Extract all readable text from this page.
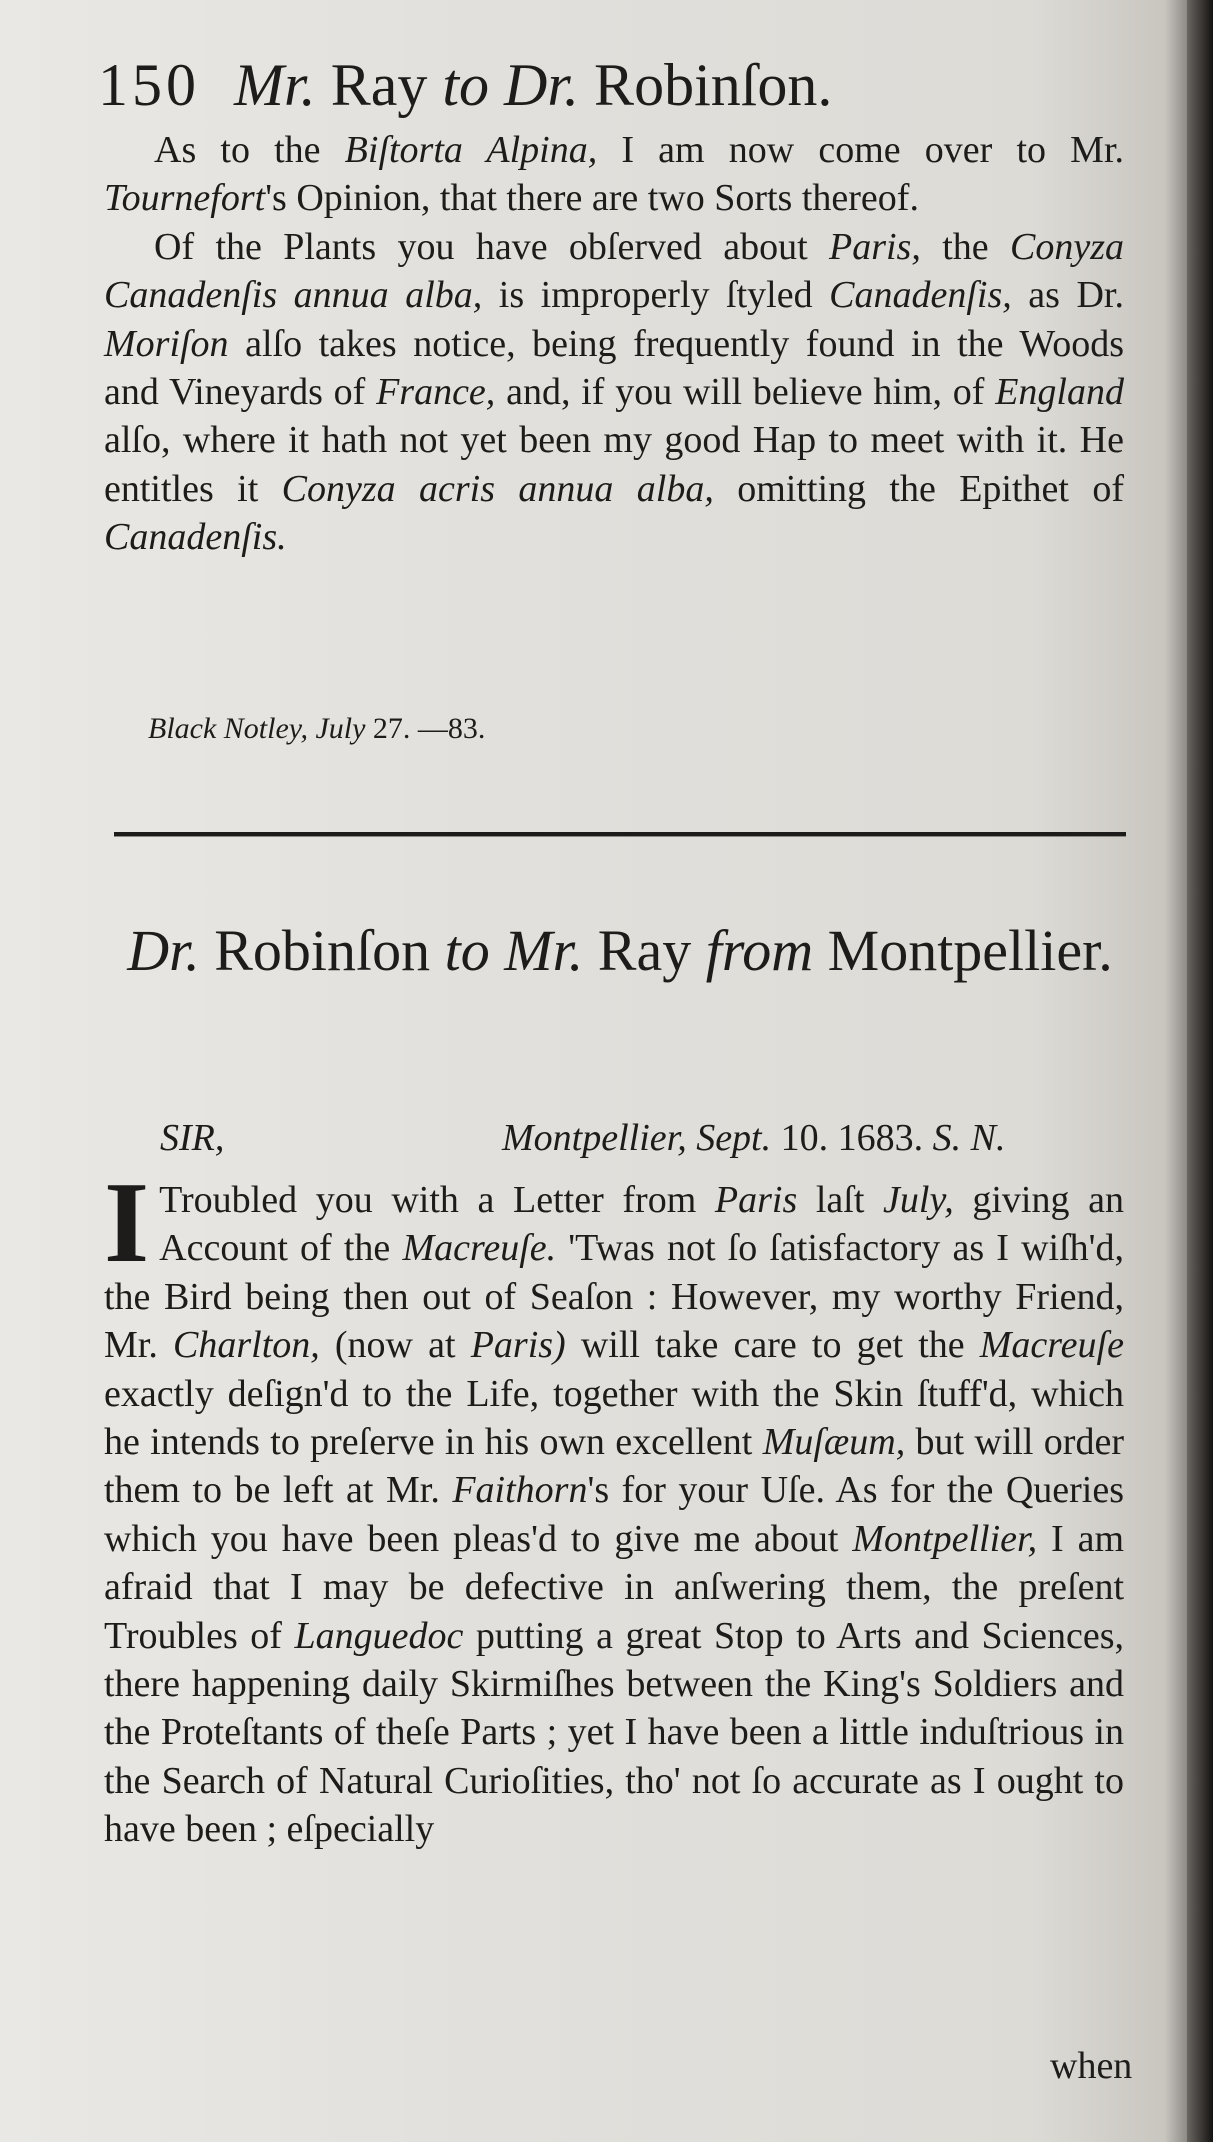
150 Mr. Ray to Dr. Robinſon.

As to the Biſtorta Alpina, I am now come over to Mr. Tournefort's Opinion, that there are two Sorts thereof.

Of the Plants you have obſerved about Paris, the Conyza Canadenſis annua alba, is improperly ſtyled Canadenſis, as Dr. Moriſon alſo takes notice, being frequently found in the Woods and Vineyards of France, and, if you will believe him, of England alſo, where it hath not yet been my good Hap to meet with it. He entitles it Conyza acris annua alba, omitting the Epithet of Canadenſis.

Black Notley, July 27. —83.
Dr. Robinſon to Mr. Ray from Montpellier.
SIR,	Montpellier, Sept. 10. 1683. S. N.

I Troubled you with a Letter from Paris laſt July, giving an Account of the Macreuſe. 'Twas not ſo ſatisfactory as I wiſh'd, the Bird being then out of Seaſon : However, my worthy Friend, Mr. Charlton, (now at Paris) will take care to get the Macreuſe exactly deſign'd to the Life, together with the Skin ſtuff'd, which he intends to preſerve in his own excellent Muſæum, but will order them to be left at Mr. Faithorn's for your Uſe. As for the Queries which you have been pleas'd to give me about Montpellier, I am afraid that I may be defective in anſwering them, the preſent Troubles of Languedoc putting a great Stop to Arts and Sciences, there happening daily Skirmiſhes between the King's Soldiers and the Proteſtants of theſe Parts ; yet I have been a little induſtrious in the Search of Natural Curioſities, tho' not ſo accurate as I ought to have been ; eſpecially

when
